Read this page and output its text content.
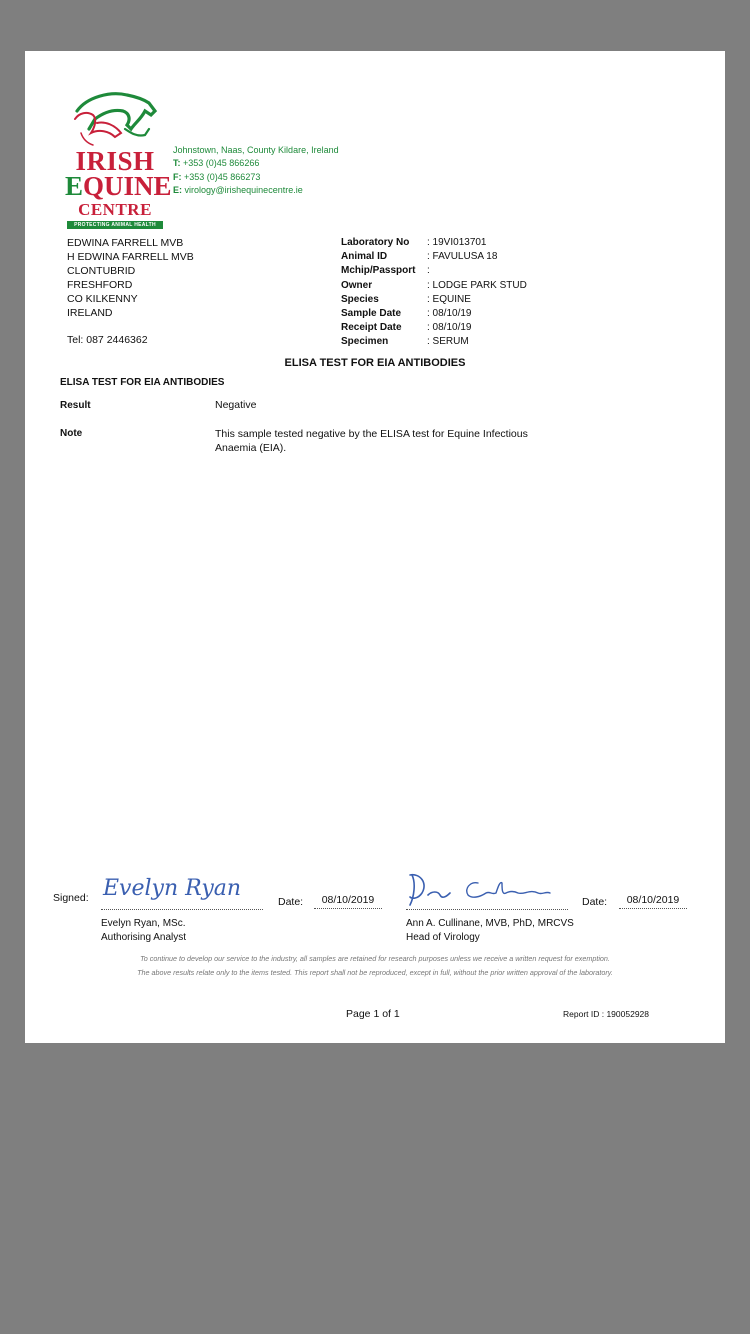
IRISH
EQUINE
CENTRE
PROTECTING ANIMAL HEALTH
Johnstown, Naas, County Kildare, Ireland
T: +353 (0)45 866266
F: +353 (0)45 866273
E: virology@irishequinecentre.ie
EDWINA FARRELL MVB
H EDWINA FARRELL MVB
CLONTUBRID
FRESHFORD
CO KILKENNY
IRELAND
Tel: 087 2446362
Laboratory No	: 19VI013701
Animal ID	: FAVULUSA 18
Mchip/Passport	:
Owner	: LODGE PARK STUD
Species	: EQUINE
Sample Date	: 08/10/19
Receipt Date	: 08/10/19
Specimen	: SERUM
ELISA TEST FOR EIA ANTIBODIES
ELISA TEST FOR EIA ANTIBODIES
Result	Negative
Note	This sample tested negative by the ELISA test for Equine Infectious Anaemia (EIA).
Signed: Evelyn Ryan
Date:	08/10/2019	Date:	08/10/2019
Evelyn Ryan, MSc.
Authorising Analyst
Ann A. Cullinane, MVB, PhD, MRCVS
Head of Virology
To continue to develop our service to the industry, all samples are retained for research purposes unless we receive a written request for exemption.
The above results relate only to the items tested. This report shall not be reproduced, except in full, without the prior written approval of the laboratory.
Page 1 of 1	Report ID : 190052928
